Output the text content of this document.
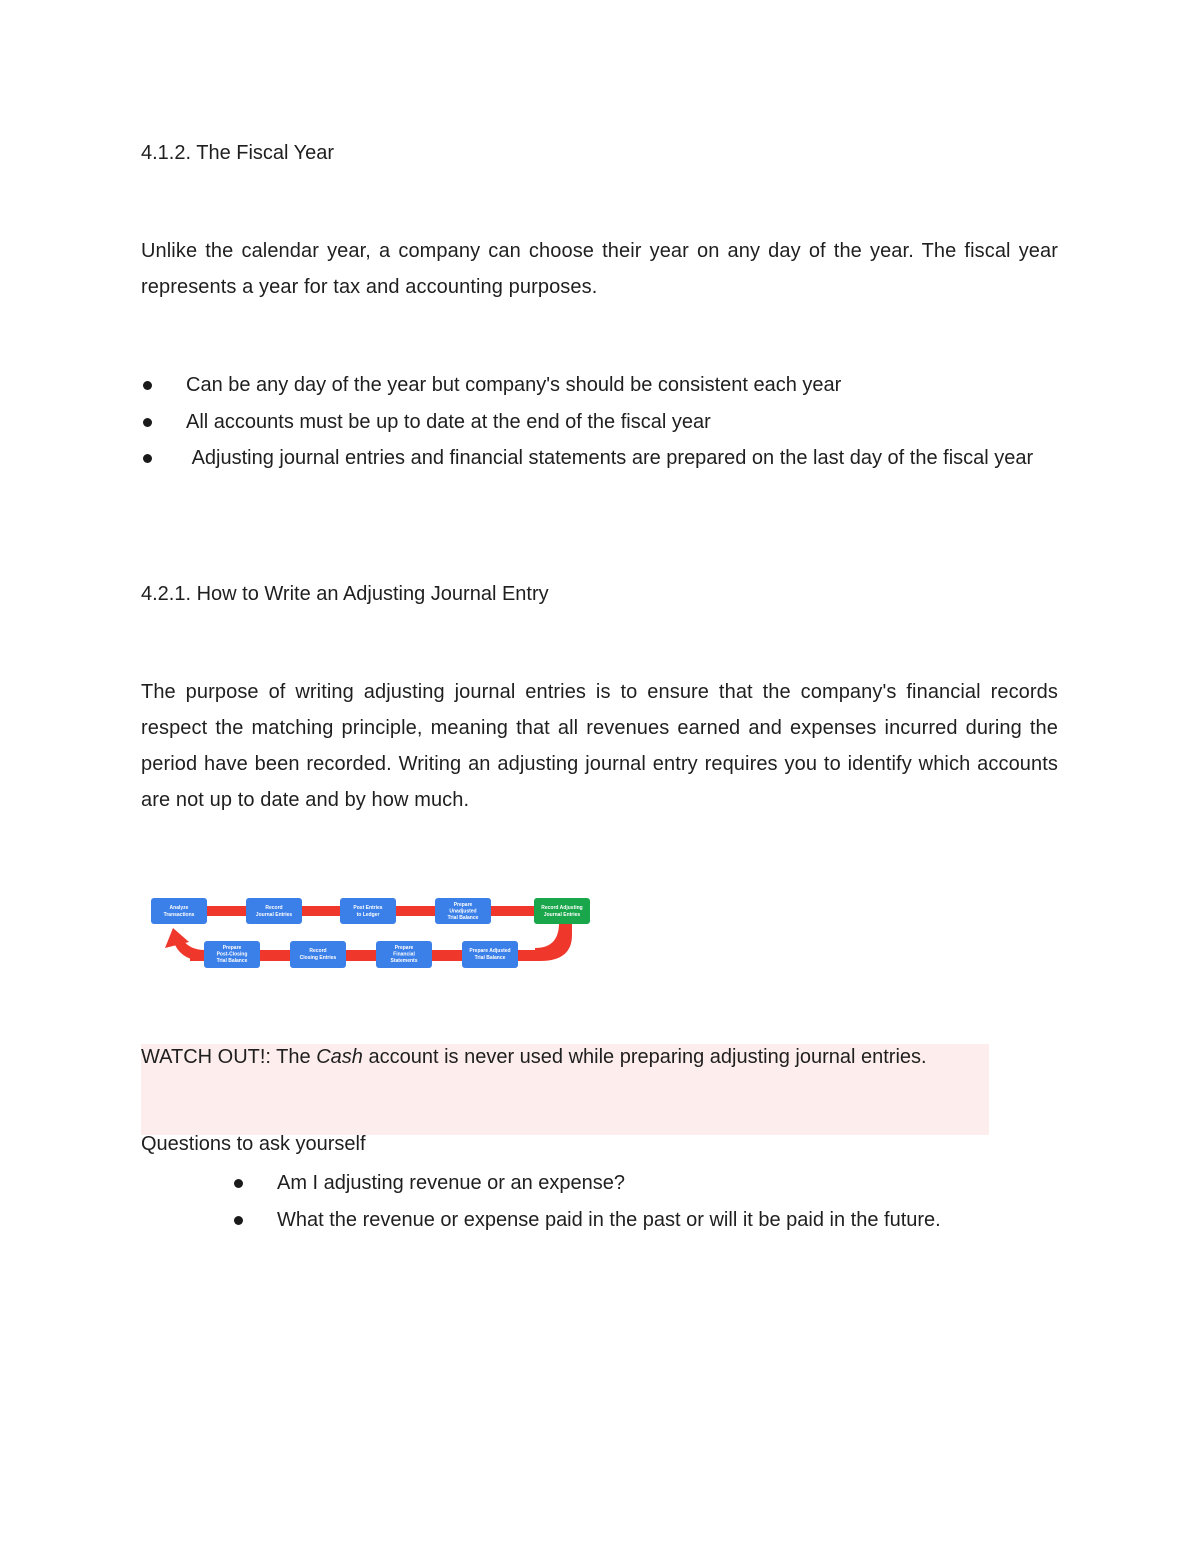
4.1.2. The Fiscal Year
Unlike the calendar year, a company can choose their year on any day of the year. The fiscal year represents a year for tax and accounting purposes.
Can be any day of the year but company's should be consistent each year
All accounts must be up to date at the end of the fiscal year
Adjusting journal entries and financial statements are prepared on the last day of the fiscal year
4.2.1. How to Write an Adjusting Journal Entry
The purpose of writing adjusting journal entries is to ensure that the company's financial records respect the matching principle, meaning that all revenues earned and expenses incurred during the period have been recorded. Writing an adjusting journal entry requires you to identify which accounts are not up to date and by how much.
Analyze
Transactions
Record
Journal Entries
Post Entries
to Ledger
Prepare
Unadjusted
Trial Balance
Record Adjusting
Journal Entries
Prepare
Post-Closing
Trial Balance
Record
Closing Entries
Prepare
Financial
Statements
Prepare Adjusted
Trial Balance
WATCH OUT!: The Cash account is never used while preparing adjusting journal entries.
Questions to ask yourself
Am I adjusting revenue or an expense?
What the revenue or expense paid in the past or will it be paid in the future.
